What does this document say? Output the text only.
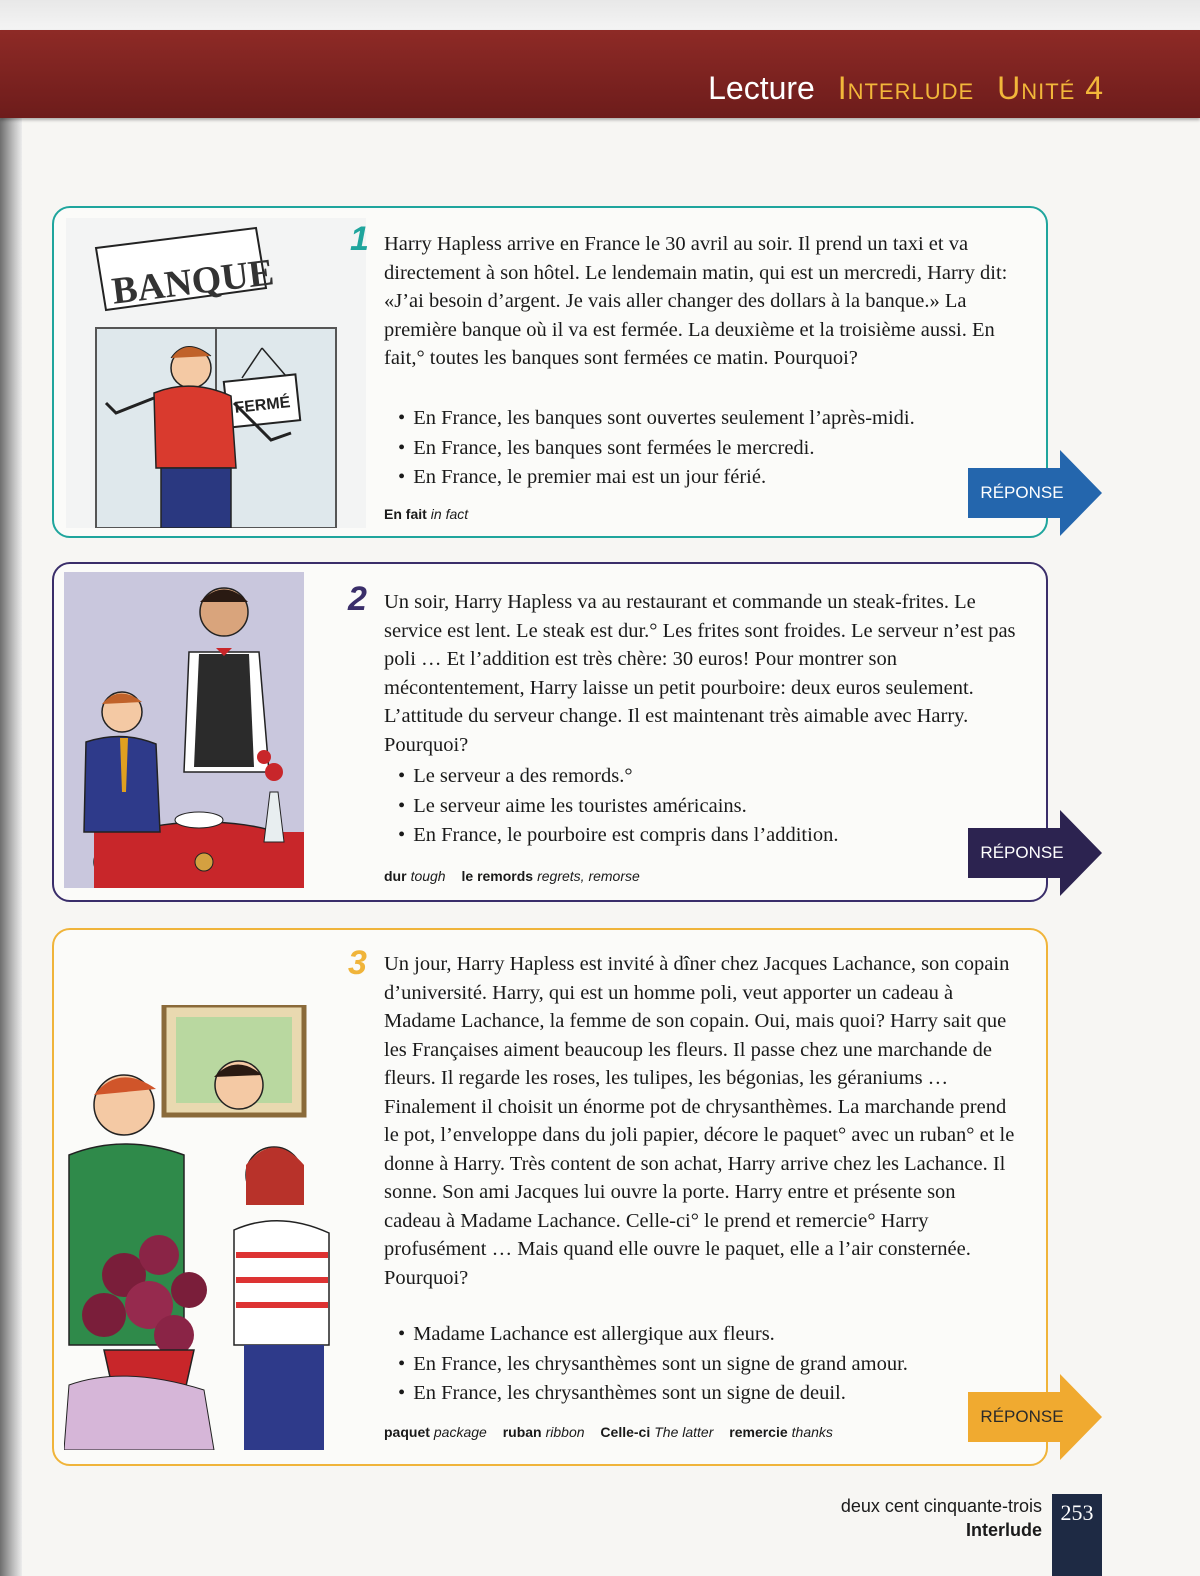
Lecture Interlude Unité 4
BANQUE
FERMÉ
1 Harry Hapless arrive en France le 30 avril au soir. Il prend un taxi et va directement à son hôtel. Le lendemain matin, qui est un mercredi, Harry dit: «J’ai besoin d’argent. Je vais aller changer des dollars à la banque.» La première banque où il va est fermée. La deuxième et la troisième aussi. En fait,° toutes les banques sont fermées ce matin. Pourquoi?

• En France, les banques sont ouvertes seulement l’après-midi.
• En France, les banques sont fermées le mercredi.
• En France, le premier mai est un jour férié.
En fait in fact
RÉPONSE
2 Un soir, Harry Hapless va au restaurant et commande un steak-frites. Le service est lent. Le steak est dur.° Les frites sont froides. Le serveur n’est pas poli … Et l’addition est très chère: 30 euros! Pour montrer son mécontentement, Harry laisse un petit pourboire: deux euros seulement. L’attitude du serveur change. Il est maintenant très aimable avec Harry. Pourquoi?

• Le serveur a des remords.°
• Le serveur aime les touristes américains.
• En France, le pourboire est compris dans l’addition.
dur tough le remords regrets, remorse
RÉPONSE
3 Un jour, Harry Hapless est invité à dîner chez Jacques Lachance, son copain d’université. Harry, qui est un homme poli, veut apporter un cadeau à Madame Lachance, la femme de son copain. Oui, mais quoi? Harry sait que les Françaises aiment beaucoup les fleurs. Il passe chez une marchande de fleurs. Il regarde les roses, les tulipes, les bégonias, les géraniums … Finalement il choisit un énorme pot de chrysanthèmes. La marchande prend le pot, l’enveloppe dans du joli papier, décore le paquet° avec un ruban° et le donne à Harry. Très content de son achat, Harry arrive chez les Lachance. Il sonne. Son ami Jacques lui ouvre la porte. Harry entre et présente son cadeau à Madame Lachance. Celle-ci° le prend et remercie° Harry profusément … Mais quand elle ouvre le paquet, elle a l’air consternée. Pourquoi?

• Madame Lachance est allergique aux fleurs.
• En France, les chrysanthèmes sont un signe de grand amour.
• En France, les chrysanthèmes sont un signe de deuil.
paquet package ruban ribbon Celle-ci The latter remercie thanks
RÉPONSE
deux cent cinquante-trois
Interlude
253
